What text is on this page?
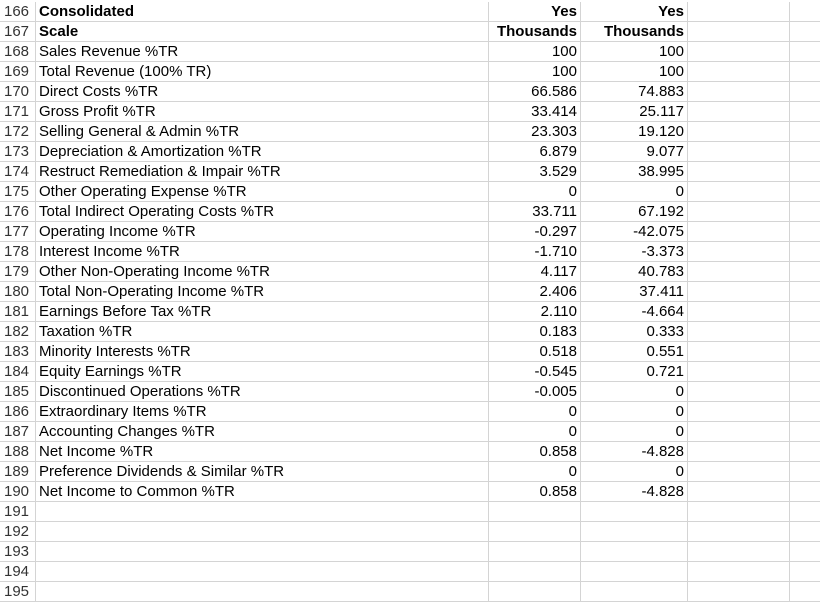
166 Consolidated	Yes	Yes
167 Scale	Thousands	Thousands
168 Sales Revenue %TR	100	100
169 Total Revenue (100% TR)	100	100
170 Direct Costs %TR	66.586	74.883
171 Gross Profit %TR	33.414	25.117
172 Selling General & Admin %TR	23.303	19.120
173 Depreciation & Amortization %TR	6.879	9.077
174 Restruct Remediation & Impair %TR	3.529	38.995
175 Other Operating Expense %TR	0	0
176 Total Indirect Operating Costs %TR	33.711	67.192
177 Operating Income %TR	-0.297	-42.075
178 Interest Income %TR	-1.710	-3.373
179 Other Non-Operating Income %TR	4.117	40.783
180 Total Non-Operating Income %TR	2.406	37.411
181 Earnings Before Tax %TR	2.110	-4.664
182 Taxation %TR	0.183	0.333
183 Minority Interests %TR	0.518	0.551
184 Equity Earnings %TR	-0.545	0.721
185 Discontinued Operations %TR	-0.005	0
186 Extraordinary Items %TR	0	0
187 Accounting Changes %TR	0	0
188 Net Income %TR	0.858	-4.828
189 Preference Dividends & Similar %TR	0	0
190 Net Income to Common %TR	0.858	-4.828
191
192
193
194
195
